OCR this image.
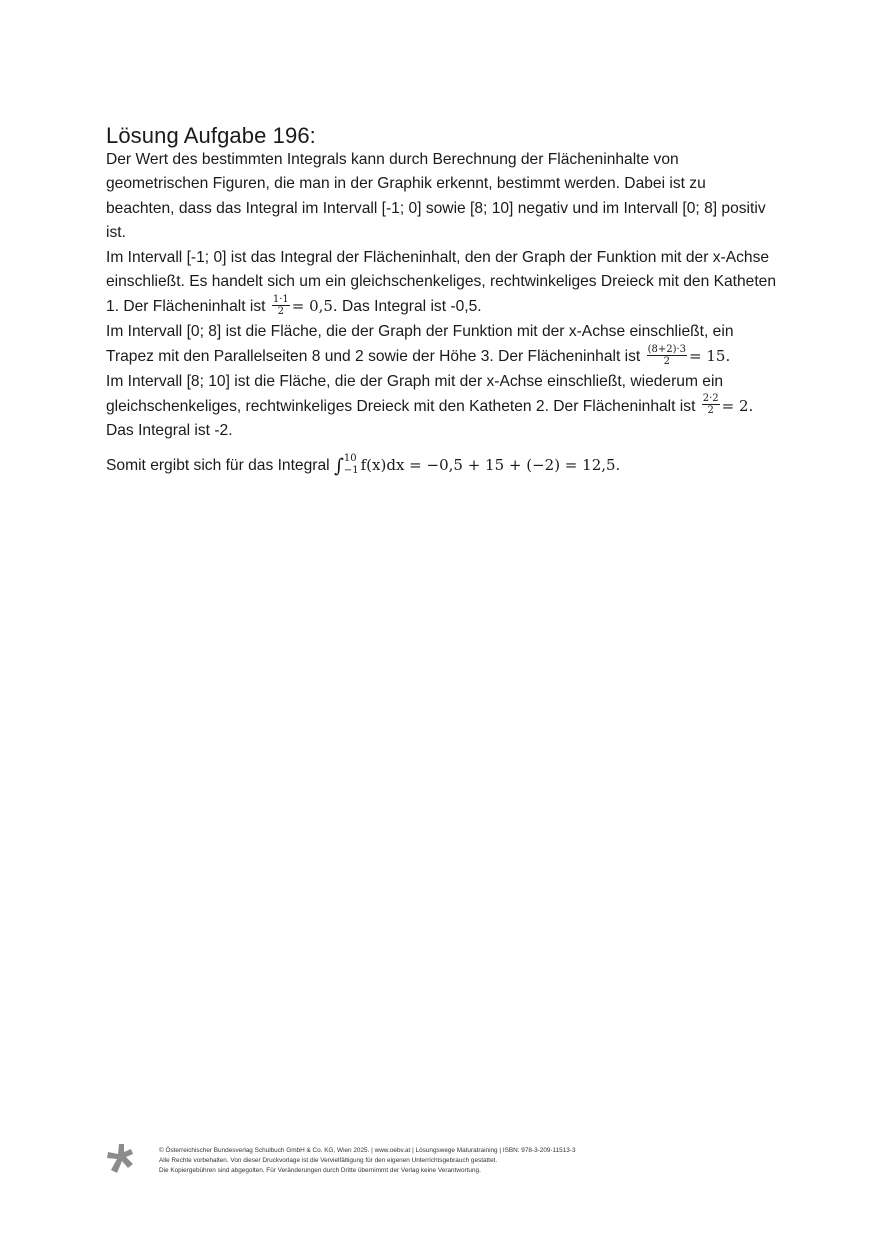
Lösung Aufgabe 196:

Der Wert des bestimmten Integrals kann durch Berechnung der Flächeninhalte von geometrischen Figuren, die man in der Graphik erkennt, bestimmt werden. Dabei ist zu beachten, dass das Integral im Intervall [-1; 0] sowie [8; 10] negativ und im Intervall [0; 8] positiv ist.

Im Intervall [-1; 0] ist das Integral der Flächeninhalt, den der Graph der Funktion mit der x-Achse einschließt. Es handelt sich um ein gleichschenkeliges, rechtwinkeliges Dreieck mit den Katheten 1. Der Flächeninhalt ist $\frac{1\cdot 1}{2} = 0,5$. Das Integral ist -0,5.

Im Intervall [0; 8] ist die Fläche, die der Graph der Funktion mit der x-Achse einschließt, ein Trapez mit den Parallelseiten 8 und 2 sowie der Höhe 3. Der Flächeninhalt ist $\frac{(8+2)\cdot 3}{2} = 15$.

Im Intervall [8; 10] ist die Fläche, die der Graph mit der x-Achse einschließt, wiederum ein gleichschenkeliges, rechtwinkeliges Dreieck mit den Katheten 2. Der Flächeninhalt ist $\frac{2\cdot 2}{2} = 2$. Das Integral ist -2.

Somit ergibt sich für das Integral ∫ 10
−1 f(x)dx = −0,5 + 15 + (−2) = 12,5.

© Österreichischer Bundesverlag Schulbuch GmbH & Co. KG, Wien 2025. | www.oebv.at | Lösungswege Maturatraining | ISBN: 978-3-209-11513-3
Alle Rechte vorbehalten. Von dieser Druckvorlage ist die Vervielfältigung für den eigenen Unterrichtsgebrauch gestattet.
Die Kopiergebühren sind abgegolten. Für Veränderungen durch Dritte übernimmt der Verlag keine Verantwortung.
